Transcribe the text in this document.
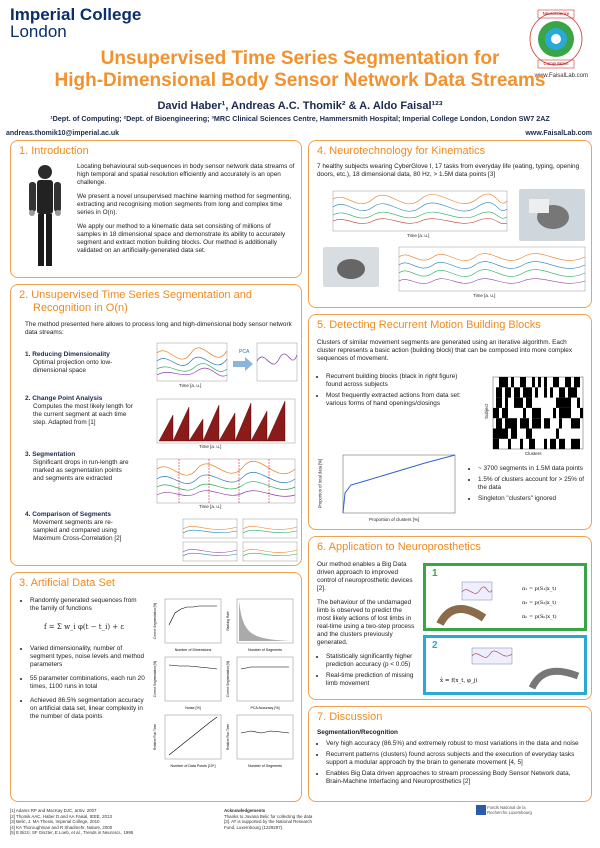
Imperial College
London
Neuroscience
Computation
www.FaisalLab.com
Unsupervised Time Series Segmentation for
High-Dimensional Body Sensor Network Data Streams
David Haber¹, Andreas A.C. Thomik² & A. Aldo Faisal¹²³
¹Dept. of Computing; ²Dept. of Bioengineering; ³MRC Clinical Sciences Centre, Hammersmith Hospital; Imperial College London, London SW7 2AZ
andreas.thomik10@imperial.ac.uk	www.FaisalLab.com
1. Introduction

Locating behavioural sub-sequences in body sensor network data streams of high temporal and spatial resolution efficiently and accurately is an open challenge.

We present a novel unsupervised machine learning method for segmenting, extracting and recognising motion segments from long and complex time series in O(n).

We apply our method to a kinematic data set consisting of millions of samples in 18 dimensional space and demonstrate its ability to accurately segment and extract motion building blocks. Our method is additionally validated on an artificially-generated data set.

2. Unsupervised Time Series Segmentation and
Recognition in O(n)
The method presented here allows to process long and high-dimensional body sensor network data streams:
1. Reducing Dimensionality
Optimal projection onto low-dimensional space
2. Change Point Analysis
Computes the most likely length for the current segment at each time step. Adapted from [1]
3. Segmentation
Significant drops in run-length are marked as segmentation points and segments are extracted
4. Comparison of Segments
Movement segments are re-sampled and compared using Maximum Cross-Correlation [2]
PCA
Time [a. u.]
Time [a. u.]
Time [a. u.]
3. Artificial Data Set
• Randomly generated sequences from the family of functions
f = Σ w_i φ(t − t_i) + ε
• Varied dimensionality, number of segment types, noise levels and method parameters
• 55 parameter combinations, each run 20 times, 1100 runs in total
• Achieved 86.5% segmentation accuracy on artificial data set, linear complexity in the number of data points
Number of Dimensions	Number of Segments
Noise [%]	PCA Accuracy [%]
Number of Data Points [10⁴]	Number of Segments
Correct Segmentation [%]	Ranking Rate
Correct Segmentation [%]	Correct Segmentation [%]
Relative Run Time	Relative Run Time
4. Neurotechnology for Kinematics
7 healthy subjects wearing CyberGlove I, 17 tasks from everyday life (eating, typing, opening doors, etc.), 18 dimensional data, 80 Hz, > 1.5M data points [3]
Time [a. u.]
Time [a. u.]
5. Detecting Recurrent Motion Building Blocks
Clusters of similar movement segments are generated using an iterative algorithm. Each cluster represents a basic action (building block) that can be composed into more complex sequences of movement.
• Recurrent building blocks (black in right figure) found across subjects
• Most frequently extracted actions from data set: various forms of hand openings/closings
Clusters
Subject
Proportion of clusters [%]
Proportion of total data [%]
•	~ 3700 segments in 1.5M data points
• 1.5% of clusters account for > 25% of the data
• Singleton "clusters" ignored
6. Application to Neuroprosthetics

Our method enables a Big Data driven approach to improved control of neuroprosthetic devices [2].

The behaviour of the undamaged limb is observed to predict the most likely actions of lost limbs in real-time using a two-step process and the clusters previously generated.

• Statistically significantly higher prediction accuracy (p < 0.05)
• Real-time prediction of missing limb movement
1
π₁ = p(S₁|x_t)
π₂ = p(S₂|x_t)
πₙ = p(Sₙ|x_t)
2
x̂ = f(x_t, φ_j)
7. Discussion
Segmentation/Recognition
• Very high accuracy (86.5%) and extremely robust to most variations in the data and noise
• Recurrent patterns (clusters) found across subjects and the execution of everyday tasks support a modular approach by the brain to generate movement [4, 5]
• Enables Big Data driven approaches to stream processing Body Sensor Network data, Brain-Machine Interfacing and Neuroprosthetics [2]
[1] Adams RP and MacKay DJC, arXiv. 2007
[2] Thomik AAC, Haber D and AA Faisal, IEEE, 2013
[3] Belic, J. MA Thesis, Imperial College, 2010
[4] KA Thoroughman and R Shadmehr, Nature, 2000
[5] E Bizzi, SF Giszter, E Loeb, et al., Trends in Neurosci., 1995
Acknowledgements
Thanks to Jovana Belic for collecting the data
[3]. AT is supported by the National Research
Fund, Luxembourg (1229297).

Fonds National de la
Recherche Luxembourg
